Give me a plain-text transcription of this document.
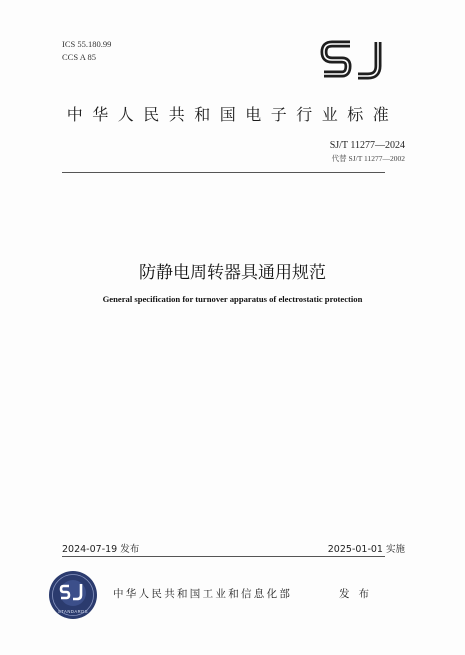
ICS 55.180.99
CCS A 85
中华人民共和国电子行业标准
SJ/T 11277—2024
代替 SJ/T 11277—2002
防静电周转器具通用规范
General specification for turnover apparatus of electrostatic protection
2024-07-19 发布	2025-01-01 实施
STANDARDS
中华人民共和国工业和信息化部	发布
